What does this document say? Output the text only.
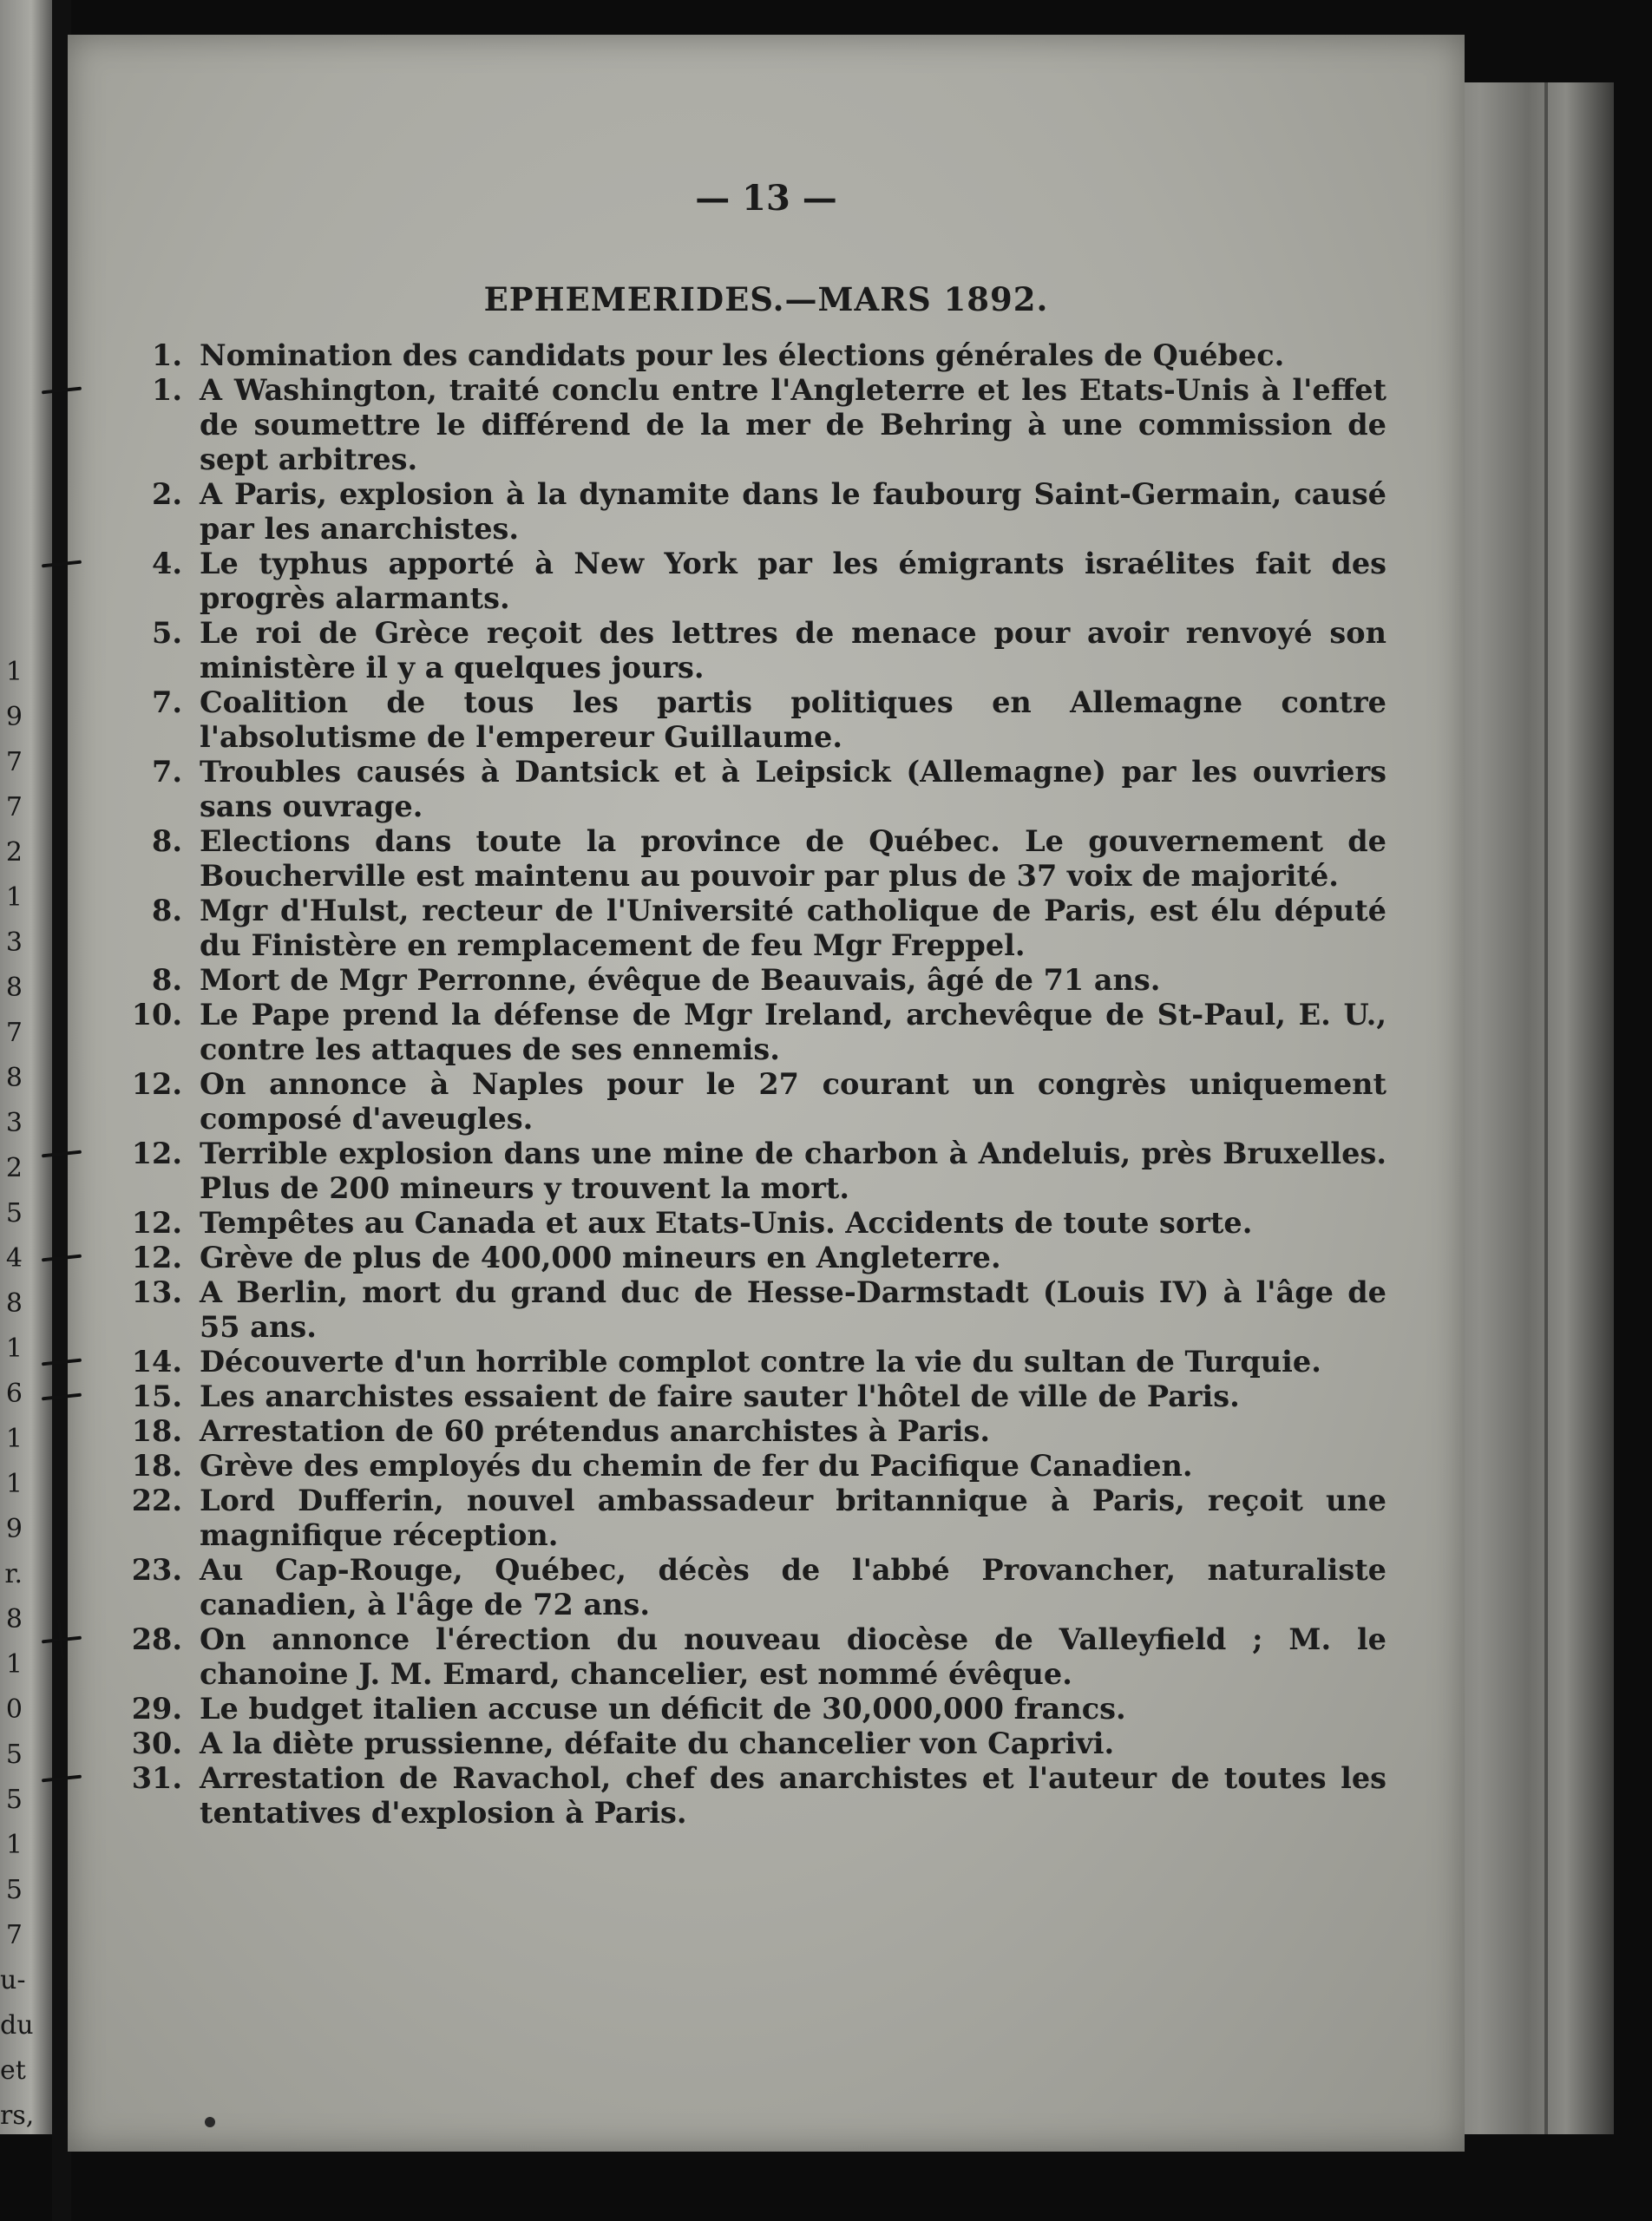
1
9
7
7
2
1
3
8
7
8
3
2
5
4
8
1
6
1
1
9
r.
8
1
0
5
5
1
5
7
u-
du
et
rs,

— 13 —

EPHEMERIDES.—MARS 1892.
1. Nomination des candidats pour les élections générales de Québec.
1. A Washington, traité conclu entre l'Angleterre et les Etats-Unis à l'effet de soumettre le différend de la mer de Behring à une commission de sept arbitres.
2. A Paris, explosion à la dynamite dans le faubourg Saint-Germain, causé par les anarchistes.
4. Le typhus apporté à New York par les émigrants israélites fait des progrès alarmants.
5. Le roi de Grèce reçoit des lettres de menace pour avoir renvoyé son ministère il y a quelques jours.
7. Coalition de tous les partis politiques en Allemagne contre l'absolutisme de l'empereur Guillaume.
7. Troubles causés à Dantsick et à Leipsick (Allemagne) par les ouvriers sans ouvrage.
8. Elections dans toute la province de Québec. Le gouvernement de Boucherville est maintenu au pouvoir par plus de 37 voix de majorité.
8. Mgr d'Hulst, recteur de l'Université catholique de Paris, est élu député du Finistère en remplacement de feu Mgr Freppel.
8. Mort de Mgr Perronne, évêque de Beauvais, âgé de 71 ans.
10. Le Pape prend la défense de Mgr Ireland, archevêque de St-Paul, E. U., contre les attaques de ses ennemis.
12. On annonce à Naples pour le 27 courant un congrès uniquement composé d'aveugles.
12. Terrible explosion dans une mine de charbon à Andeluis, près Bruxelles. Plus de 200 mineurs y trouvent la mort.
12. Tempêtes au Canada et aux Etats-Unis. Accidents de toute sorte.
12. Grève de plus de 400,000 mineurs en Angleterre.
13. A Berlin, mort du grand duc de Hesse-Darmstadt (Louis IV) à l'âge de 55 ans.
14. Découverte d'un horrible complot contre la vie du sultan de Turquie.
15. Les anarchistes essaient de faire sauter l'hôtel de ville de Paris.
18. Arrestation de 60 prétendus anarchistes à Paris.
18. Grève des employés du chemin de fer du Pacifique Canadien.
22. Lord Dufferin, nouvel ambassadeur britannique à Paris, reçoit une magnifique réception.
23. Au Cap-Rouge, Québec, décès de l'abbé Provancher, naturaliste canadien, à l'âge de 72 ans.
28. On annonce l'érection du nouveau diocèse de Valleyfield ; M. le chanoine J. M. Emard, chancelier, est nommé évêque.
29. Le budget italien accuse un déficit de 30,000,000 francs.
30. A la diète prussienne, défaite du chancelier von Caprivi.
31. Arrestation de Ravachol, chef des anarchistes et l'auteur de toutes les tentatives d'explosion à Paris.
